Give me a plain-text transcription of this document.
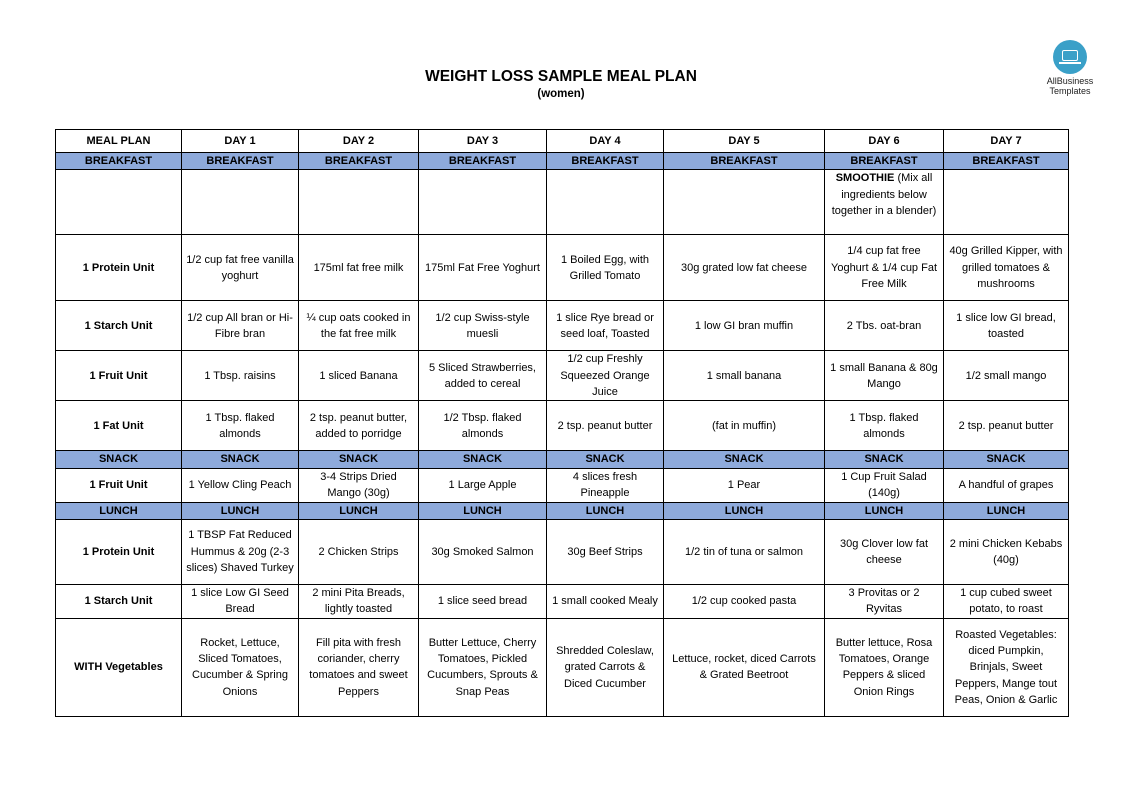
WEIGHT LOSS SAMPLE MEAL PLAN
(women)
AllBusiness
Templates
MEAL PLAN	DAY 1	DAY 2	DAY 3	DAY 4	DAY 5	DAY 6	DAY 7
BREAKFAST	BREAKFAST	BREAKFAST	BREAKFAST	BREAKFAST	BREAKFAST	BREAKFAST	BREAKFAST
						SMOOTHIE (Mix all ingredients below together in a blender)	
1 Protein Unit	1/2 cup fat free vanilla yoghurt	175ml fat free milk	175ml Fat Free Yoghurt	1 Boiled Egg, with Grilled Tomato	30g grated low fat cheese	1/4 cup fat free Yoghurt & 1/4 cup Fat Free Milk	40g Grilled Kipper, with grilled tomatoes & mushrooms
1 Starch Unit	1/2 cup All bran or Hi-Fibre bran	¼ cup oats cooked in the fat free milk	1/2 cup Swiss-style muesli	1 slice Rye bread or seed loaf, Toasted	1 low GI bran muffin	2 Tbs. oat-bran	1 slice low GI bread, toasted
1 Fruit Unit	1 Tbsp. raisins	1 sliced Banana	5 Sliced Strawberries, added to cereal	1/2 cup Freshly Squeezed Orange Juice	1 small banana	1 small Banana & 80g Mango	1/2 small mango
1 Fat Unit	1 Tbsp. flaked almonds	2 tsp. peanut butter, added to porridge	1/2 Tbsp. flaked almonds	2 tsp. peanut butter	(fat in muffin)	1 Tbsp. flaked almonds	2 tsp. peanut butter
SNACK	SNACK	SNACK	SNACK	SNACK	SNACK	SNACK	SNACK
1 Fruit Unit	1 Yellow Cling Peach	3-4 Strips Dried Mango (30g)	1 Large Apple	4 slices fresh Pineapple	1 Pear	1 Cup Fruit Salad (140g)	A handful of grapes
LUNCH	LUNCH	LUNCH	LUNCH	LUNCH	LUNCH	LUNCH	LUNCH
1 Protein Unit	1 TBSP Fat Reduced Hummus & 20g (2-3 slices) Shaved Turkey	2 Chicken Strips	30g Smoked Salmon	30g Beef Strips	1/2 tin of tuna or salmon	30g Clover low fat cheese	2 mini Chicken Kebabs (40g)
1 Starch Unit	1 slice Low GI Seed Bread	2 mini Pita Breads, lightly toasted	1 slice seed bread	1 small cooked Mealy	1/2 cup cooked pasta	3 Provitas or 2 Ryvitas	1 cup cubed sweet potato, to roast
WITH Vegetables	Rocket, Lettuce, Sliced Tomatoes, Cucumber & Spring Onions	Fill pita with fresh coriander, cherry tomatoes and sweet Peppers	Butter Lettuce, Cherry Tomatoes, Pickled Cucumbers, Sprouts & Snap Peas	Shredded Coleslaw, grated Carrots & Diced Cucumber	Lettuce, rocket, diced Carrots & Grated Beetroot	Butter lettuce, Rosa Tomatoes, Orange Peppers & sliced Onion Rings	Roasted Vegetables: diced Pumpkin, Brinjals, Sweet Peppers, Mange tout Peas, Onion & Garlic
